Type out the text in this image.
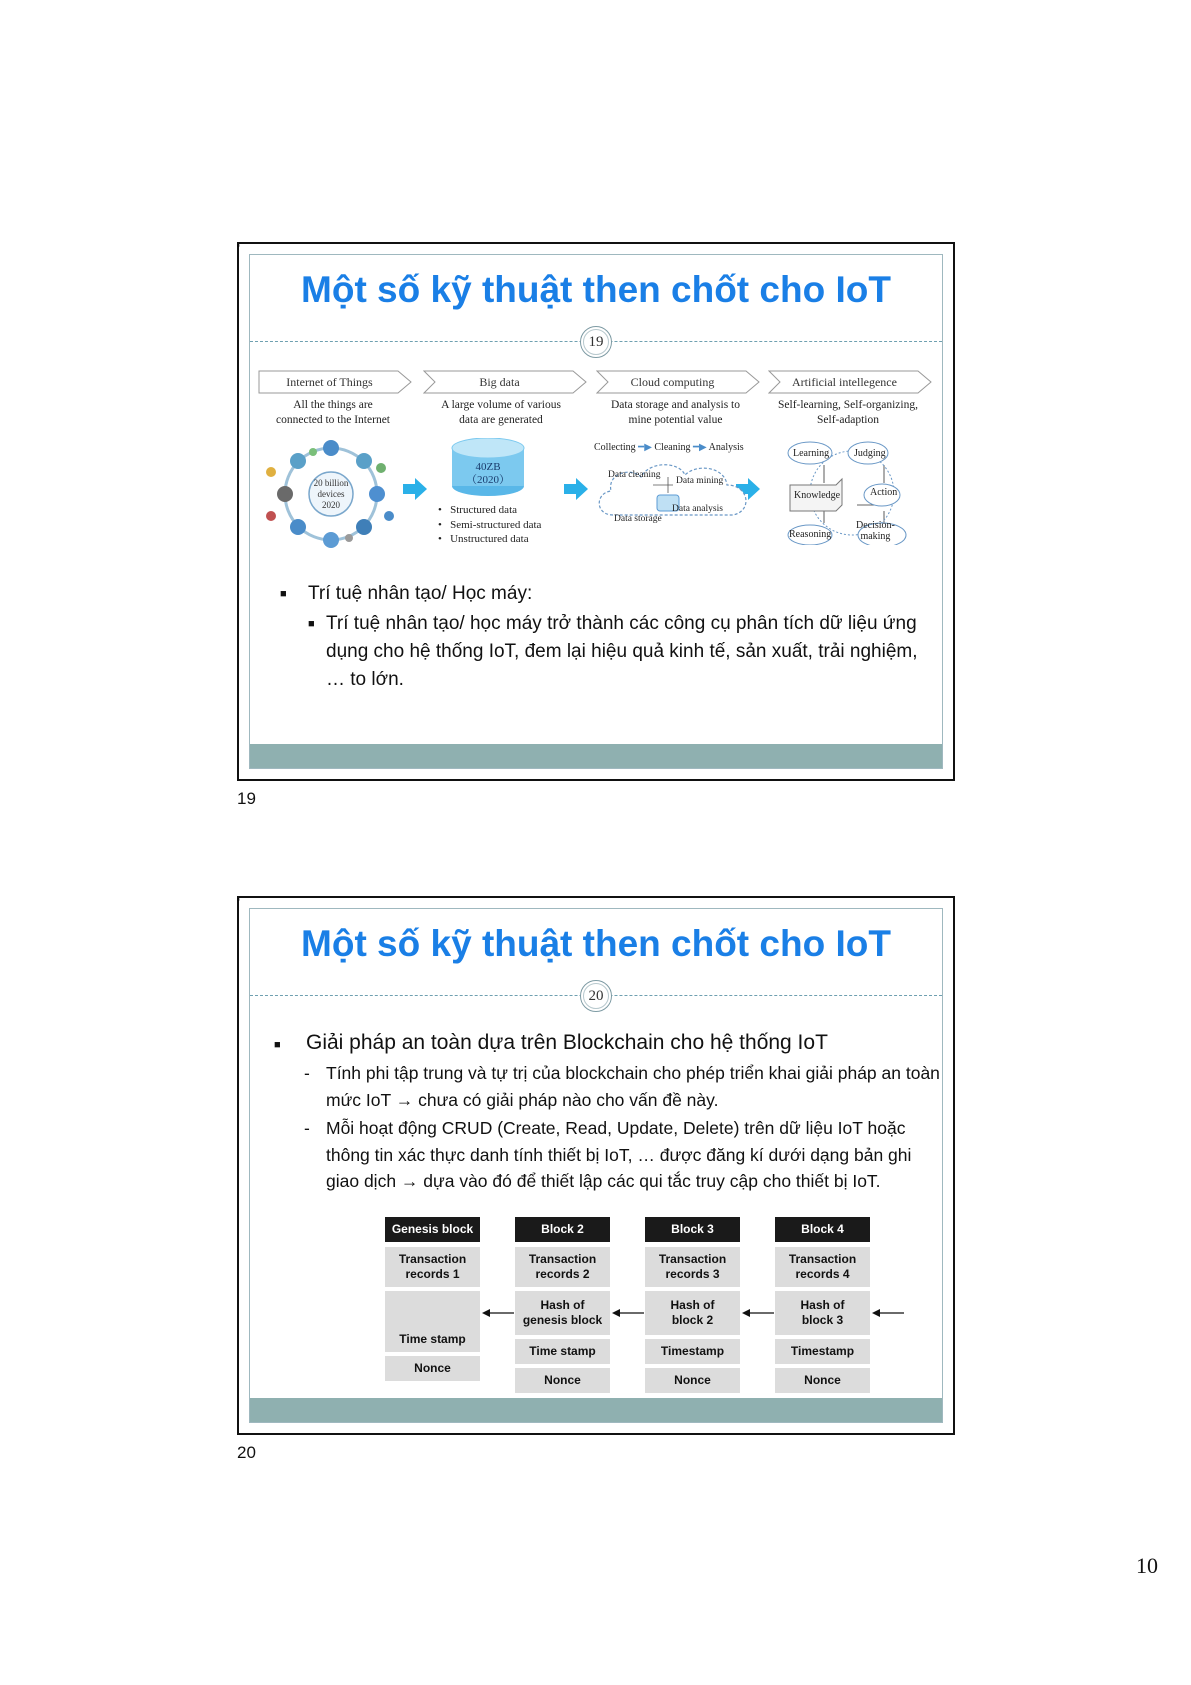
▫
Một số kỹ thuật then chốt cho IoT
19
Internet of Things	Big data	Cloud computing	Artificial intellegence
All the things are
connected to the Internet
A large volume of various
data are generated
Data storage and analysis to
mine potential value
Self-learning, Self-organizing,
Self-adaption
20 billion
devices
2020
40ZB
（2020）
•   Structured data
•   Semi-structured data
•   Unstructured data
Collecting ━▶ Cleaning ━▶ Analysis
Data cleaning
Data mining
Data analysis
Data storage
Learning Judging
Knowledge	Action
Reasoning
Decision-
making
■ Trí tuệ nhân tạo/ Học máy:
■ Trí tuệ nhân tạo/ học máy trở thành các công cụ phân tích dữ liệu ứng dụng cho hệ thống IoT, đem lại hiệu quả kinh tế, sản xuất, trải nghiệm, … to lớn.
19
▫
Một số kỹ thuật then chốt cho IoT
20
■ Giải pháp an toàn dựa trên Blockchain cho hệ thống IoT
- Tính phi tập trung và tự trị của blockchain cho phép triển khai giải pháp an toàn mức IoT → chưa có giải pháp nào cho vấn đề này.
- Mỗi hoạt động CRUD (Create, Read, Update, Delete) trên dữ liệu IoT hoặc thông tin xác thực danh tính thiết bị IoT, … được đăng kí dưới dạng bản ghi giao dịch → dựa vào đó để thiết lập các qui tắc truy cập cho thiết bị IoT.
Genesis block
Transaction
records 1
Time stamp
Nonce
Block 2
Transaction
records 2
Hash of
genesis block
Time stamp
Nonce
Block 3
Transaction
records 3
Hash of
block 2
Timestamp
Nonce
Block 4
Transaction
records 4
Hash of
block 3
Timestamp
Nonce
20
10
